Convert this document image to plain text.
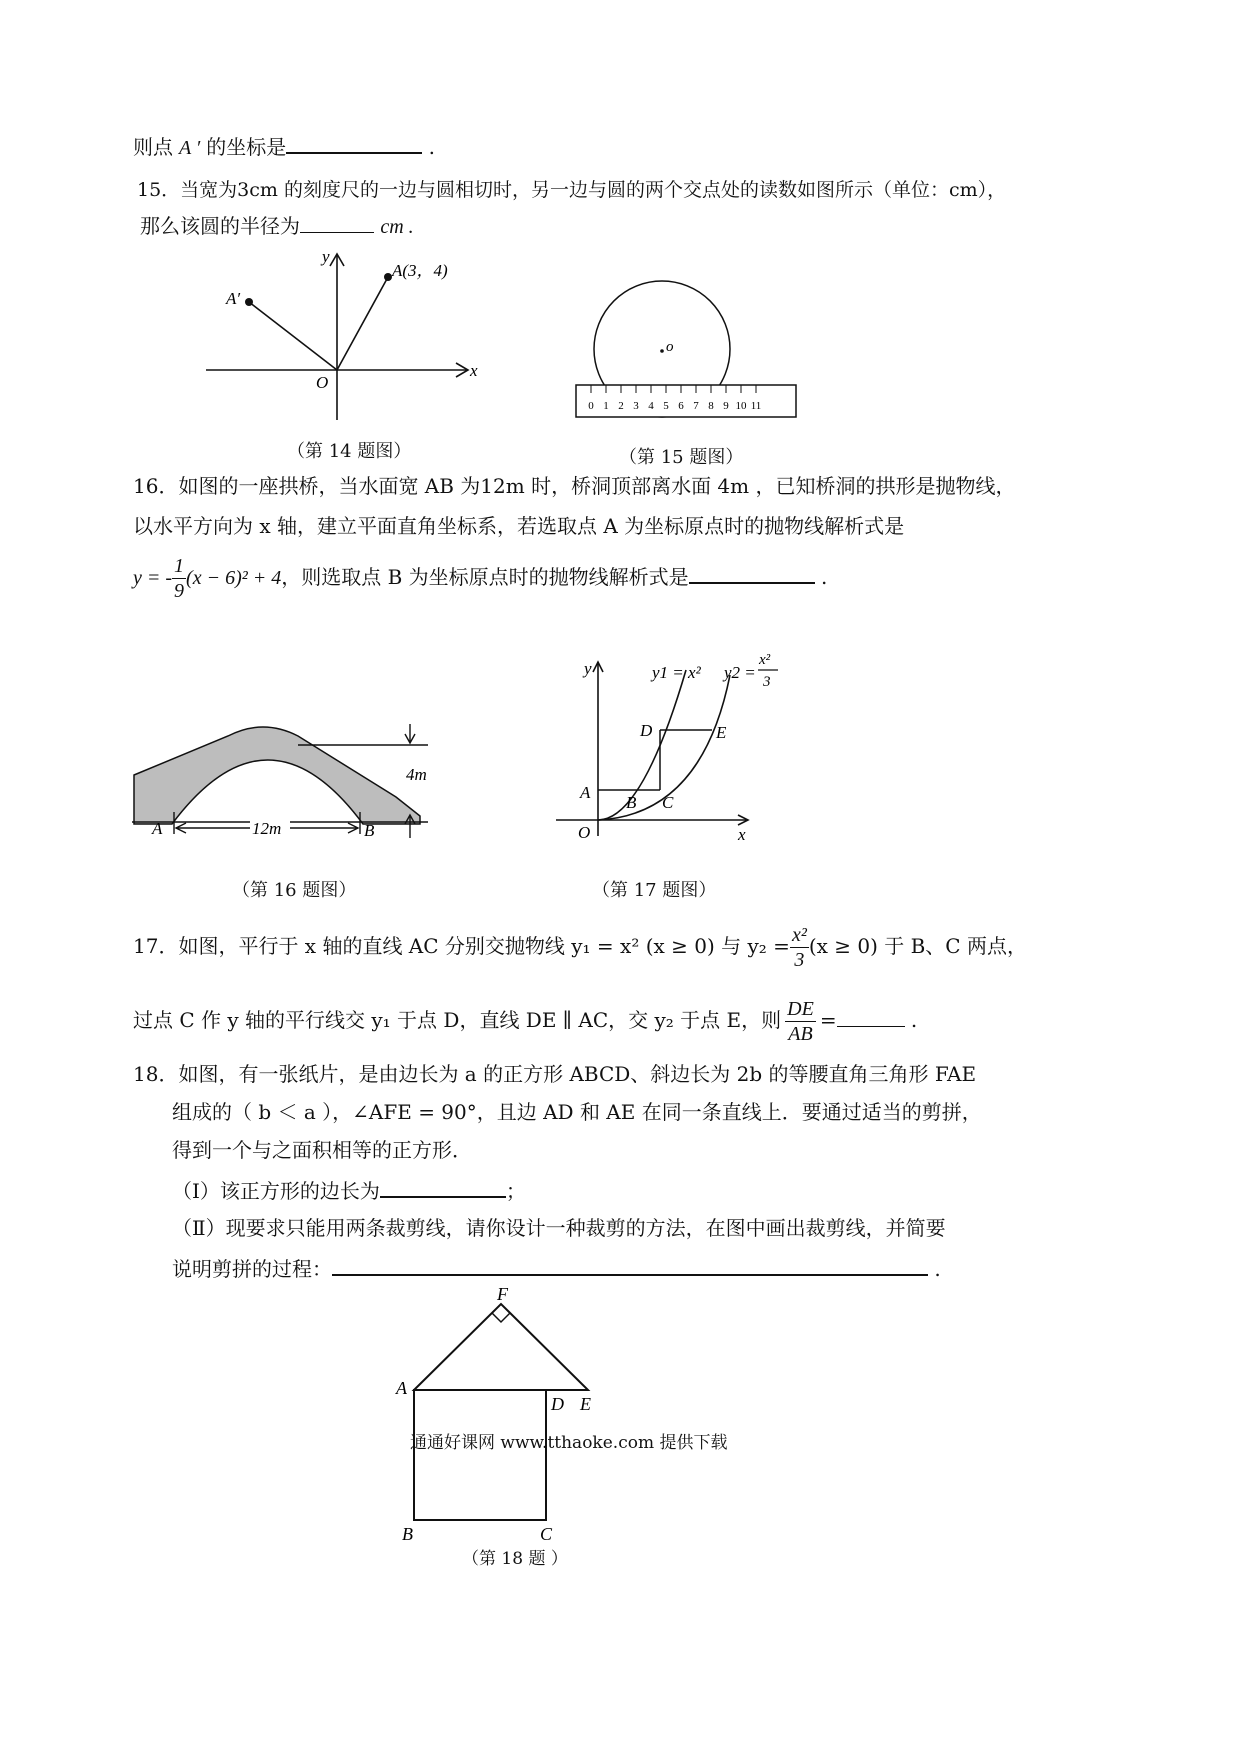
则点 A ′ 的坐标是	.
15．当宽为3cm 的刻度尺的一边与圆相切时，另一边与圆的两个交点处的读数如图所示（单位：cm），
那么该圆的半径为	cm .
A(3，4)
A′
O
x
y
（第 14 题图）
o
0 1 2 3 4 5 6 7 8 9 10 11
（第 15 题图）
16．如图的一座拱桥，当水面宽 AB 为12m 时，桥洞顶部离水面 4m ，已知桥洞的拱形是抛物线，
以水平方向为 x 轴，建立平面直角坐标系，若选取点 A 为坐标原点时的抛物线解析式是
y = - $\frac{1}{9} (x - 6)^2 + 4$，则选取点 B 为坐标原点时的抛物线解析式是	.
12m
4m
A	B
（第 16 题图）
y1 = x² y2 =
x²
3
D	E
A
B C
O	x
y
（第 17 题图）
17．如图，平行于 x 轴的直线 AC 分别交抛物线 y₁ = x² (x ≥ 0) 与 $y_2 = \frac{\text{x²}}{3} (x \ge 0)$ 于 B、C 两点，
过点 C 作 y 轴的平行线交 y₁ 于点 D，直线 DE ∥ AC，交 y₂ 于点 E，则 $\frac{DE}{AB}$ =	.
18．如图，有一张纸片，是由边长为 a 的正方形 ABCD、斜边长为 2b 的等腰直角三角形 FAE
组成的（ b ＜ a ），∠AFE = 90°，且边 AD 和 AE 在同一条直线上．要通过适当的剪拼，
得到一个与之面积相等的正方形．
（Ⅰ）该正方形的边长为	；
（Ⅱ）现要求只能用两条裁剪线，请你设计一种裁剪的方法，在图中画出裁剪线，并简要
说明剪拼的过程：	.
F
A
D E
B	C
通通好课网 www.tthaoke.com 提供下载
（第 18 题 ）
